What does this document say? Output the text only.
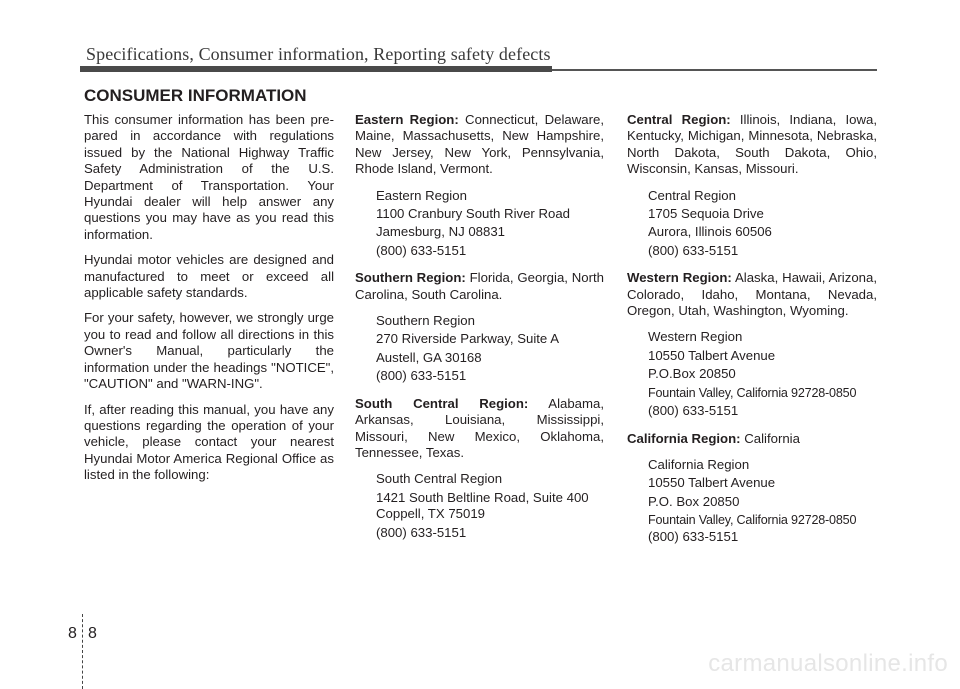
Specifications, Consumer information, Reporting safety defects
CONSUMER INFORMATION

This consumer information has been pre-pared in accordance with regulations issued by the National Highway Traffic Safety Administration of the U.S. Department of Transportation. Your Hyundai dealer will help answer any questions you may have as you read this information.

Hyundai motor vehicles are designed and manufactured to meet or exceed all applicable safety standards.

For your safety, however, we strongly urge you to read and follow all directions in this Owner's Manual, particularly the information under the headings "NOTICE", "CAUTION" and "WARN-ING".

If, after reading this manual, you have any questions regarding the operation of your vehicle, please contact your nearest Hyundai Motor America Regional Office as listed in the following:

Eastern Region: Connecticut, Delaware, Maine, Massachusetts, New Hampshire, New Jersey, New York, Pennsylvania, Rhode Island, Vermont.

Eastern Region
1100 Cranbury South River Road
Jamesburg, NJ 08831
(800) 633-5151

Southern Region: Florida, Georgia, North Carolina, South Carolina.

Southern Region
270 Riverside Parkway, Suite A
Austell, GA 30168
(800) 633-5151

South Central Region: Alabama, Arkansas, Louisiana, Mississippi, Missouri, New Mexico, Oklahoma, Tennessee, Texas.

South Central Region
1421 South Beltline Road, Suite 400
Coppell, TX 75019
(800) 633-5151

Central Region: Illinois, Indiana, Iowa, Kentucky, Michigan, Minnesota, Nebraska, North Dakota, South Dakota, Ohio, Wisconsin, Kansas, Missouri.

Central Region
1705 Sequoia Drive
Aurora, Illinois 60506
(800) 633-5151

Western Region: Alaska, Hawaii, Arizona, Colorado, Idaho, Montana, Nevada, Oregon, Utah, Washington, Wyoming.

Western Region
10550 Talbert Avenue
P.O.Box 20850
Fountain Valley, California 92728-0850
(800) 633-5151

California Region: California

California Region
10550 Talbert Avenue
P.O. Box 20850
Fountain Valley, California 92728-0850
(800) 633-5151
8 8
carmanualsonline.info
